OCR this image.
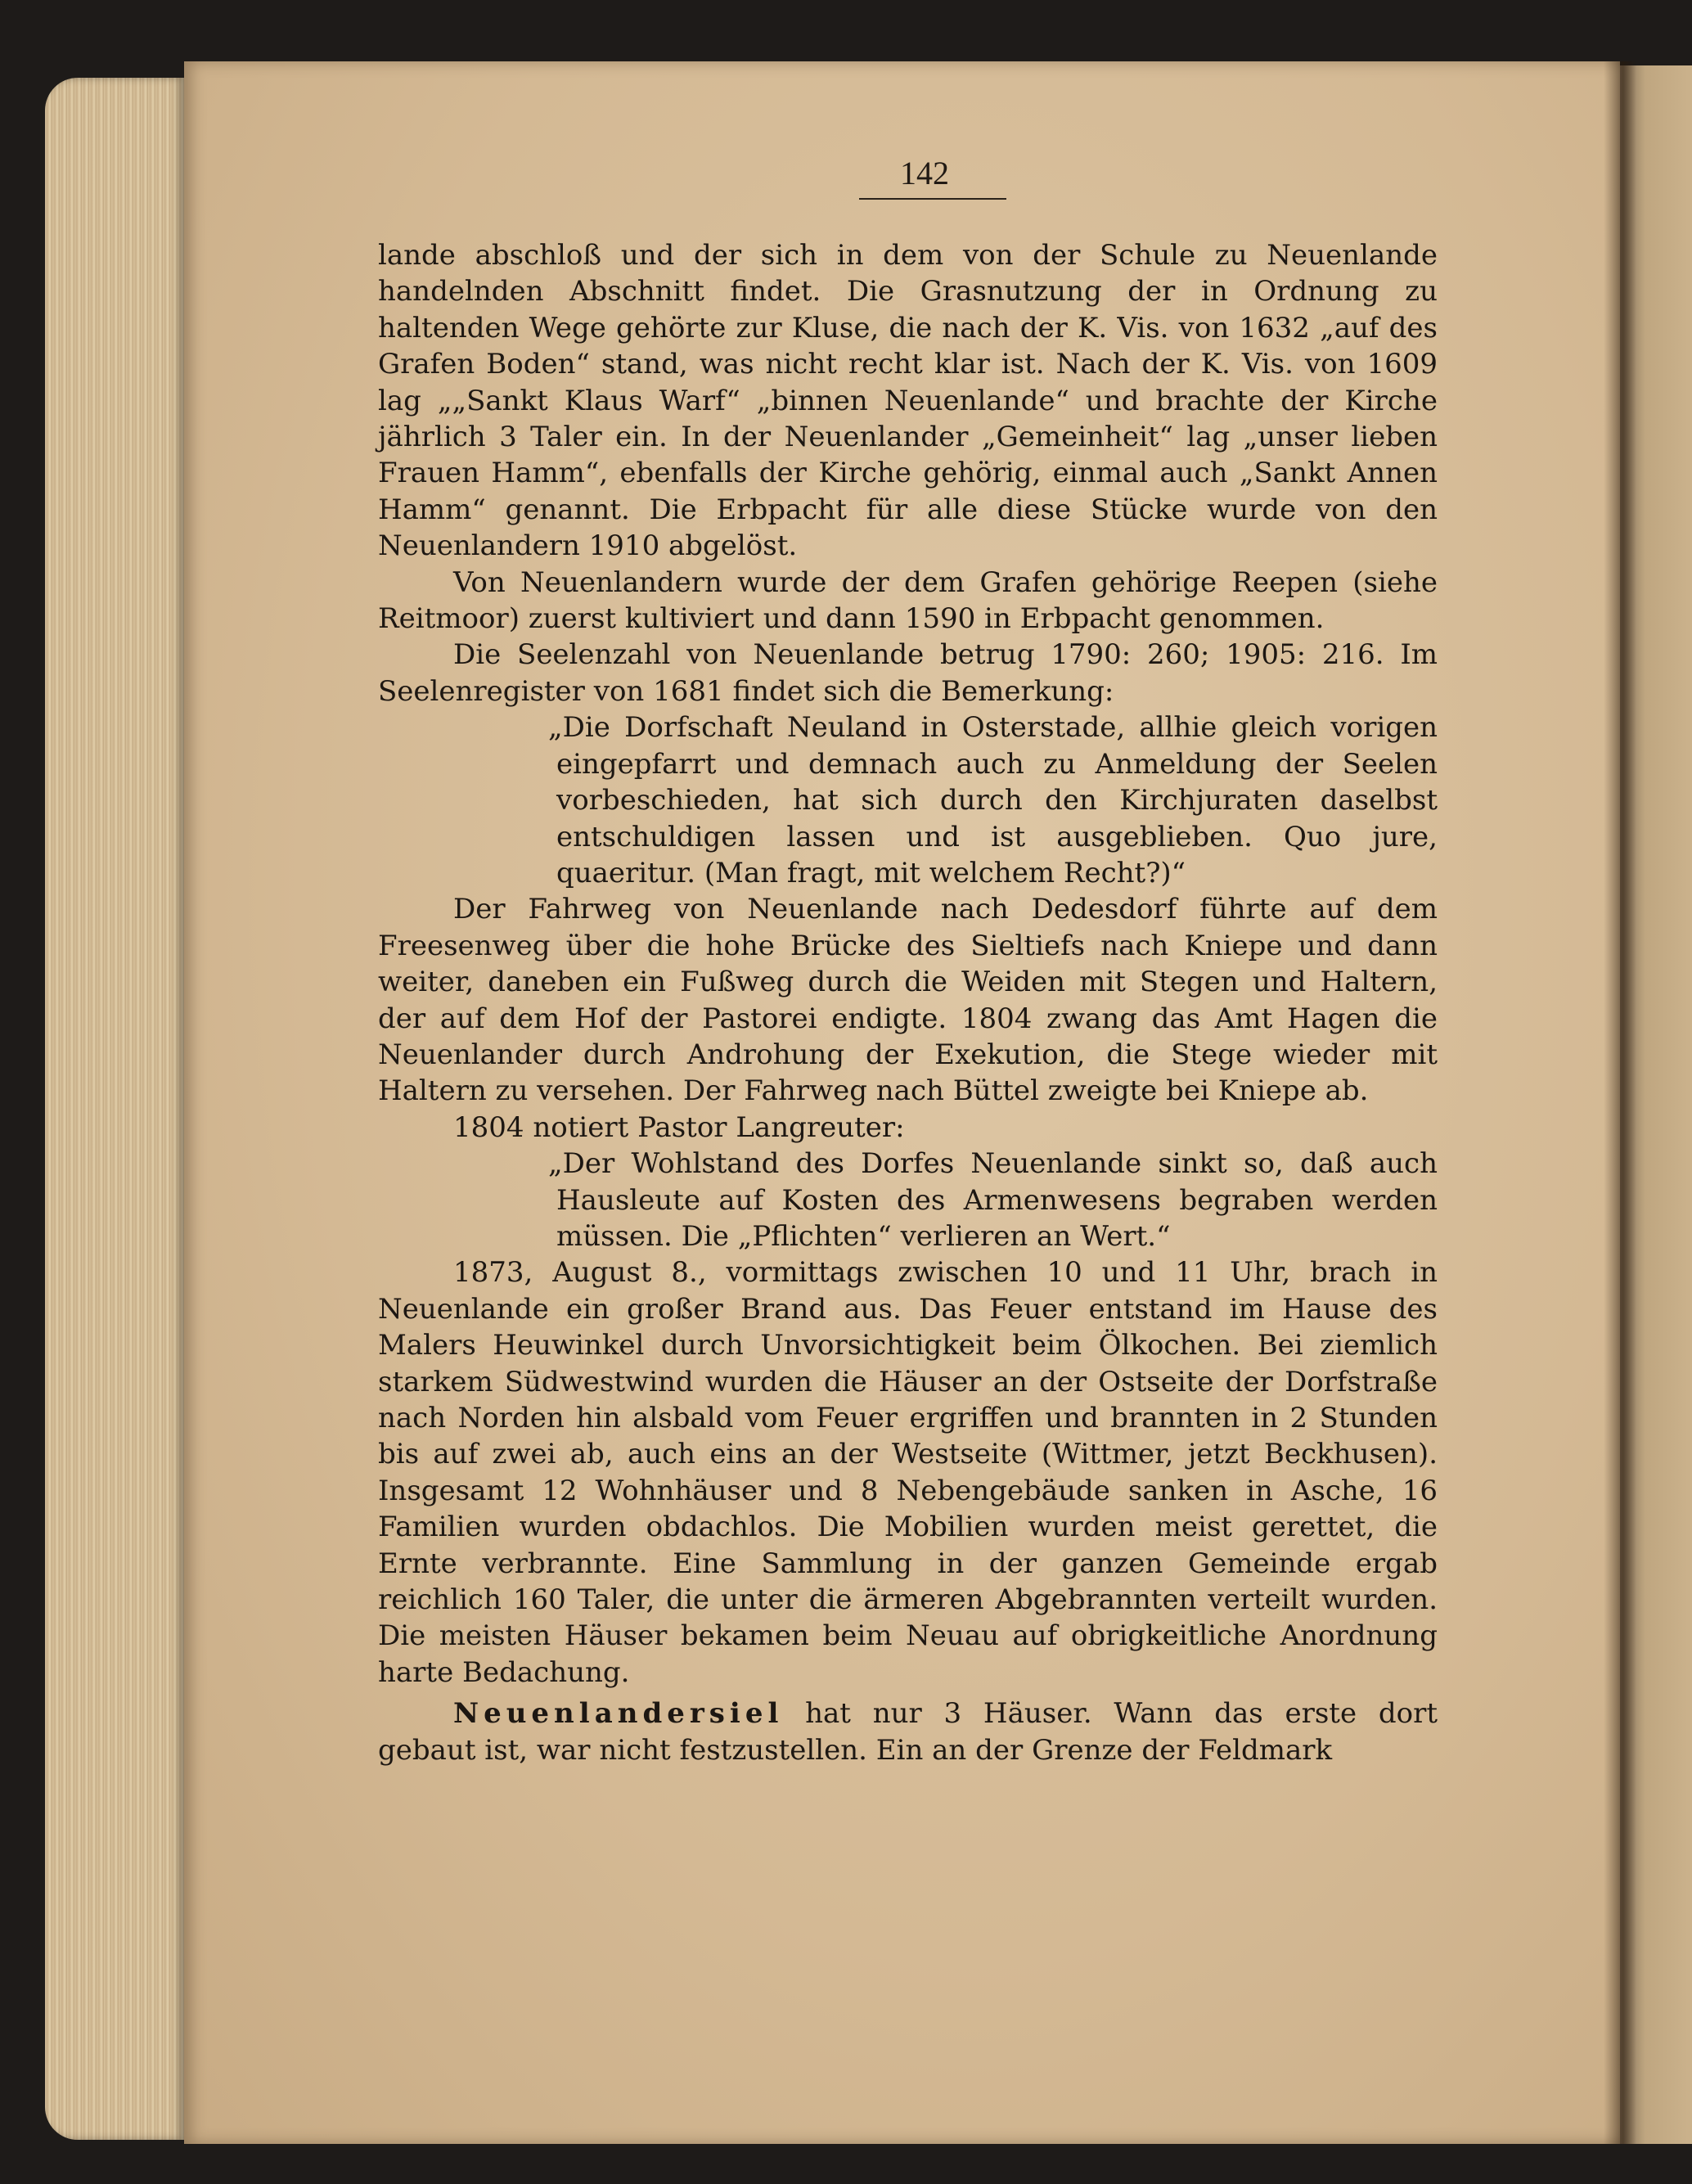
142

lande abschloß und der sich in dem von der Schule zu Neuenlande handelnden Abschnitt findet. Die Grasnutzung der in Ordnung zu haltenden Wege gehörte zur Kluse, die nach der K. Vis. von 1632 „auf des Grafen Boden“ stand, was nicht recht klar ist. Nach der K. Vis. von 1609 lag „„Sankt Klaus Warf“ „binnen Neuenlande“ und brachte der Kirche jährlich 3 Taler ein. In der Neuenlander „Gemeinheit“ lag „unser lieben Frauen Hamm“, ebenfalls der Kirche gehörig, einmal auch „Sankt Annen Hamm“ genannt. Die Erbpacht für alle diese Stücke wurde von den Neuenlandern 1910 abgelöst.

Von Neuenlandern wurde der dem Grafen gehörige Reepen (siehe Reitmoor) zuerst kultiviert und dann 1590 in Erbpacht genommen.

Die Seelenzahl von Neuenlande betrug 1790: 260; 1905: 216. Im Seelenregister von 1681 findet sich die Bemerkung:

„Die Dorfschaft Neuland in Osterstade, allhie gleich vorigen eingepfarrt und demnach auch zu Anmeldung der Seelen vorbeschieden, hat sich durch den Kirchjuraten daselbst entschuldigen lassen und ist ausgeblieben. Quo jure, quaeritur. (Man fragt, mit welchem Recht?)“

Der Fahrweg von Neuenlande nach Dedesdorf führte auf dem Freesenweg über die hohe Brücke des Sieltiefs nach Kniepe und dann weiter, daneben ein Fußweg durch die Weiden mit Stegen und Haltern, der auf dem Hof der Pastorei endigte. 1804 zwang das Amt Hagen die Neuenlander durch Androhung der Exekution, die Stege wieder mit Haltern zu versehen. Der Fahrweg nach Büttel zweigte bei Kniepe ab.

1804 notiert Pastor Langreuter:

„Der Wohlstand des Dorfes Neuenlande sinkt so, daß auch Hausleute auf Kosten des Armenwesens begraben werden müssen. Die „Pflichten“ verlieren an Wert.“

1873, August 8., vormittags zwischen 10 und 11 Uhr, brach in Neuenlande ein großer Brand aus. Das Feuer entstand im Hause des Malers Heuwinkel durch Unvorsichtigkeit beim Ölkochen. Bei ziemlich starkem Südwestwind wurden die Häuser an der Ostseite der Dorfstraße nach Norden hin alsbald vom Feuer ergriffen und brannten in 2 Stunden bis auf zwei ab, auch eins an der Westseite (Wittmer, jetzt Beckhusen). Insgesamt 12 Wohnhäuser und 8 Nebengebäude sanken in Asche, 16 Familien wurden obdachlos. Die Mobilien wurden meist gerettet, die Ernte verbrannte. Eine Sammlung in der ganzen Gemeinde ergab reichlich 160 Taler, die unter die ärmeren Abgebrannten verteilt wurden. Die meisten Häuser bekamen beim Neuau auf obrigkeitliche Anordnung harte Bedachung.

Neuenlandersiel hat nur 3 Häuser. Wann das erste dort gebaut ist, war nicht festzustellen. Ein an der Grenze der Feldmark
